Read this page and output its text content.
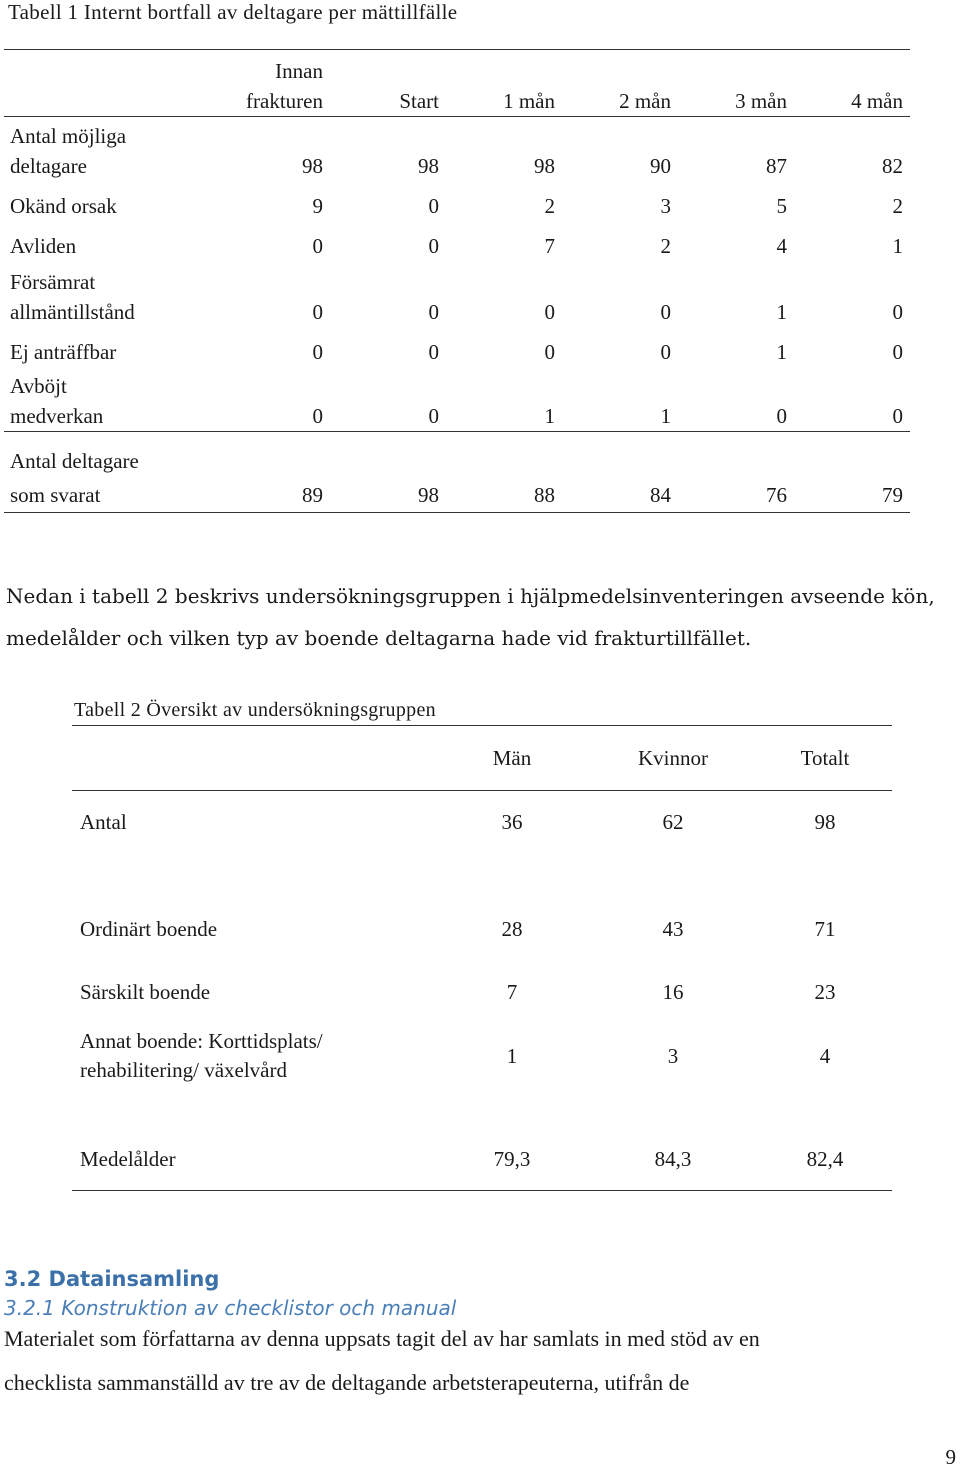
Tabell 1 Internt bortfall av deltagare per mättillfälle
	Innan					
	frakturen	Start	1 mån	2 mån	3 mån	4 mån
Antal möjliga
deltagare	98	98	98	90	87	82
Okänd orsak	9	0	2	3	5	2
Avliden	0	0	7	2	4	1
Försämrat
allmäntillstånd	0	0	0	0	1	0
Ej anträffbar	0	0	0	0	1	0
Avböjt
medverkan	0	0	1	1	0	0
Antal deltagare
som svarat	89	98	88	84	76	79
Nedan i tabell 2 beskrivs undersökningsgruppen i hjälpmedelsinventeringen avseende kön,
medelålder och vilken typ av boende deltagarna hade vid frakturtillfället.
Tabell 2 Översikt av undersökningsgruppen
Män	Kvinnor	Totalt
Antal	36	62	98
Ordinärt boende	28	43	71
Särskilt boende	7	16	23
Annat boende: Korttidsplats/
rehabilitering/ växelvård
1	3	4
Medelålder	79,3	84,3	82,4
3.2 Datainsamling
3.2.1 Konstruktion av checklistor och manual
Materialet som författarna av denna uppsats tagit del av har samlats in med stöd av en
checklista sammanställd av tre av de deltagande arbetsterapeuterna, utifrån de
9
